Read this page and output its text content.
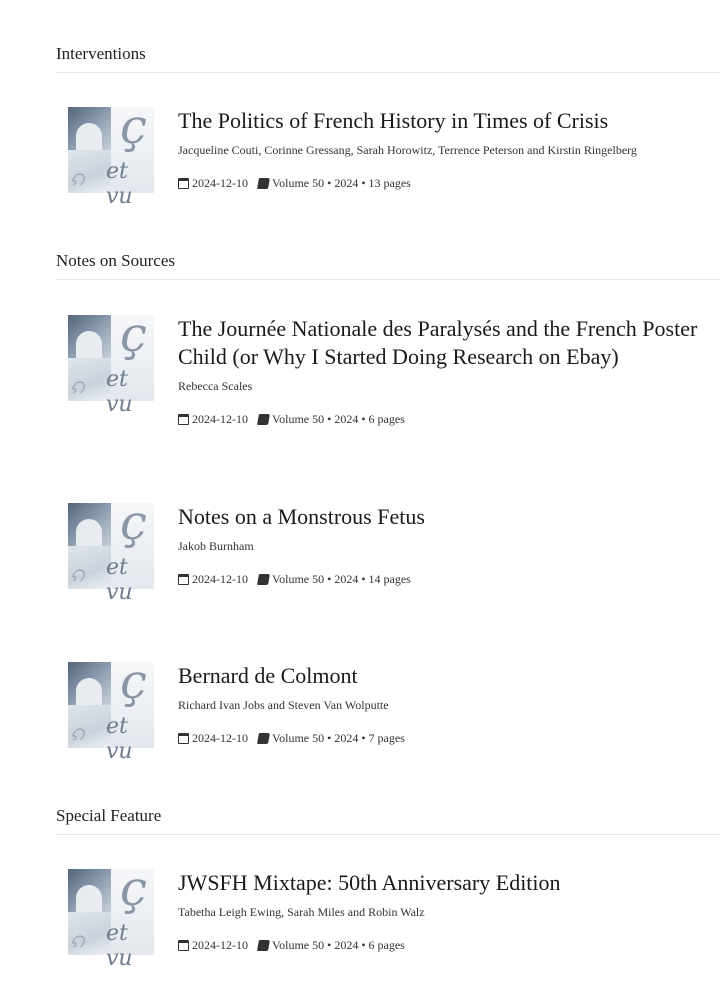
Interventions
ç
et vu
ၵ
The Politics of French History in Times of Crisis
Jacqueline Couti, Corinne Gressang, Sarah Horowitz, Terrence Peterson and Kirstin Ringelberg
2024-12-10 Volume 50 • 2024 • 13 pages
Notes on Sources
ç
et vu
ၵ
The Journée Nationale des Paralysés and the French Poster Child (or Why I Started Doing Research on Ebay)
Rebecca Scales
2024-12-10 Volume 50 • 2024 • 6 pages
ç
et vu
ၵ
Notes on a Monstrous Fetus
Jakob Burnham
2024-12-10 Volume 50 • 2024 • 14 pages
ç
et vu
ၵ
Bernard de Colmont
Richard Ivan Jobs and Steven Van Wolputte
2024-12-10 Volume 50 • 2024 • 7 pages
Special Feature
ç
et vu
ၵ
JWSFH Mixtape: 50th Anniversary Edition
Tabetha Leigh Ewing, Sarah Miles and Robin Walz
2024-12-10 Volume 50 • 2024 • 6 pages
